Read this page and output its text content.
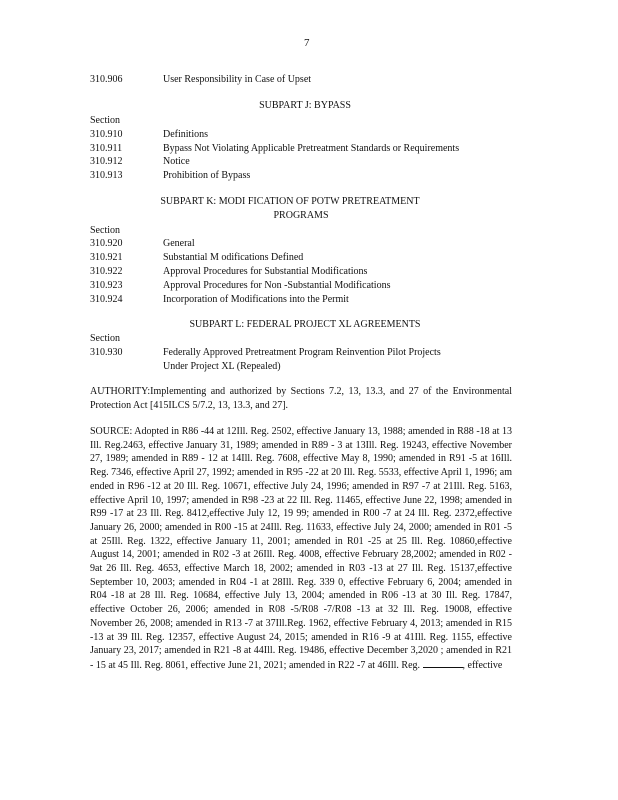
7
310.906	User Responsibility in Case of Upset
SUBPART J: BYPASS
Section
310.910	Definitions
310.911	Bypass Not Violating Applicable Pretreatment Standards or Requirements
310.912	Notice
310.913	Prohibition of Bypass
SUBPART K: MODI FICATION OF POTW PRETREATMENT
PROGRAMS
Section
310.920	General
310.921	Substantial M odifications Defined
310.922	Approval Procedures for Substantial Modifications
310.923	Approval Procedures for Non -Substantial Modifications
310.924	Incorporation of Modifications into the Permit
SUBPART L: FEDERAL PROJECT XL AGREEMENTS
Section
310.930	Federally Approved Pretreatment Program Reinvention Pilot Projects
Under Project XL (Repealed)
AUTHORITY:Implementing and authorized by Sections 7.2, 13, 13.3, and 27 of the Environmental Protection Act [415ILCS 5/7.2, 13, 13.3, and 27].
SOURCE: Adopted in R86 -44 at 12Ill. Reg. 2502, effective January 13, 1988; amended in R88 -18 at 13 Ill. Reg.2463, effective January 31, 1989; amended in R89 - 3 at 13Ill. Reg. 19243, effective November 27, 1989; amended in R89 - 12 at 14Ill. Reg. 7608, effective May 8, 1990; amended in R91 -5 at 16Ill. Reg. 7346, effective April 27, 1992; amended in R95 -22 at 20 Ill. Reg. 5533, effective April 1, 1996; am ended in R96 -12 at 20 Ill. Reg. 10671, effective July 24, 1996; amended in R97 -7 at 21Ill. Reg. 5163, effective April 10, 1997; amended in R98 -23 at 22 Ill. Reg. 11465, effective June 22, 1998; amended in R99 -17 at 23 Ill. Reg. 8412,effective July 12, 19 99; amended in R00 -7 at 24 Ill. Reg. 2372,effective January 26, 2000; amended in R00 -15 at 24Ill. Reg. 11633, effective July 24, 2000; amended in R01 -5 at 25Ill. Reg. 1322, effective January 11, 2001; amended in R01 -25 at 25 Ill. Reg. 10860,effective August 14, 2001; amended in R02 -3 at 26Ill. Reg. 4008, effective February 28,2002; amended in R02 - 9at 26 Ill. Reg. 4653, effective March 18, 2002; amended in R03 -13 at 27 Ill. Reg. 15137,effective September 10, 2003; amended in R04 -1 at 28Ill. Reg. 339 0, effective February 6, 2004; amended in R04 -18 at 28 Ill. Reg. 10684, effective July 13, 2004; amended in R06 -13 at 30 Ill. Reg. 17847, effective October 26, 2006; amended in R08 -5/R08 -7/R08 -13 at 32 Ill. Reg. 19008, effective November 26, 2008; amended in R13 -7 at 37Ill.Reg. 1962, effective February 4, 2013; amended in R15 -13 at 39 Ill. Reg. 12357, effective August 24, 2015; amended in R16 -9 at 41Ill. Reg. 1155, effective January 23, 2017; amended in R21 -8 at 44Ill. Reg. 19486, effective December 3,2020 ; amended in R21 - 15 at 45 Ill. Reg. 8061, effective June 21, 2021; amended in R22 -7 at 46Ill. Reg.	, effective
